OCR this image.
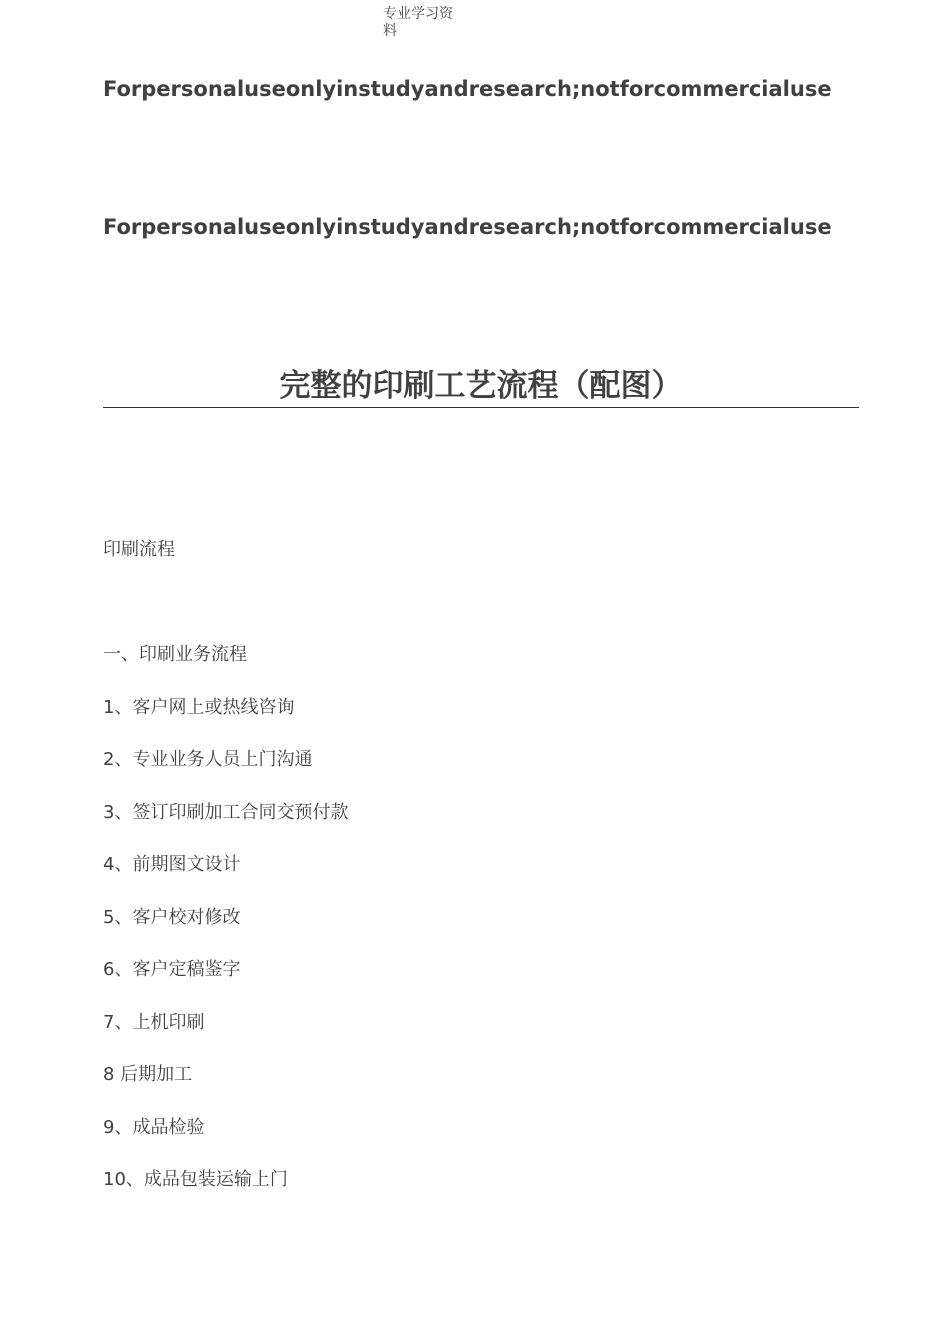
专业学习资料

Forpersonaluseonlyinstudyandresearch;notforcommercialuse

Forpersonaluseonlyinstudyandresearch;notforcommercialuse

完整的印刷工艺流程（配图）

印刷流程

一、印刷业务流程
1、客户网上或热线咨询
2、专业业务人员上门沟通
3、签订印刷加工合同交预付款
4、前期图文设计
5、客户校对修改
6、客户定稿鉴字
7、上机印刷
8 后期加工
9、成品检验
10、成品包装运输上门
